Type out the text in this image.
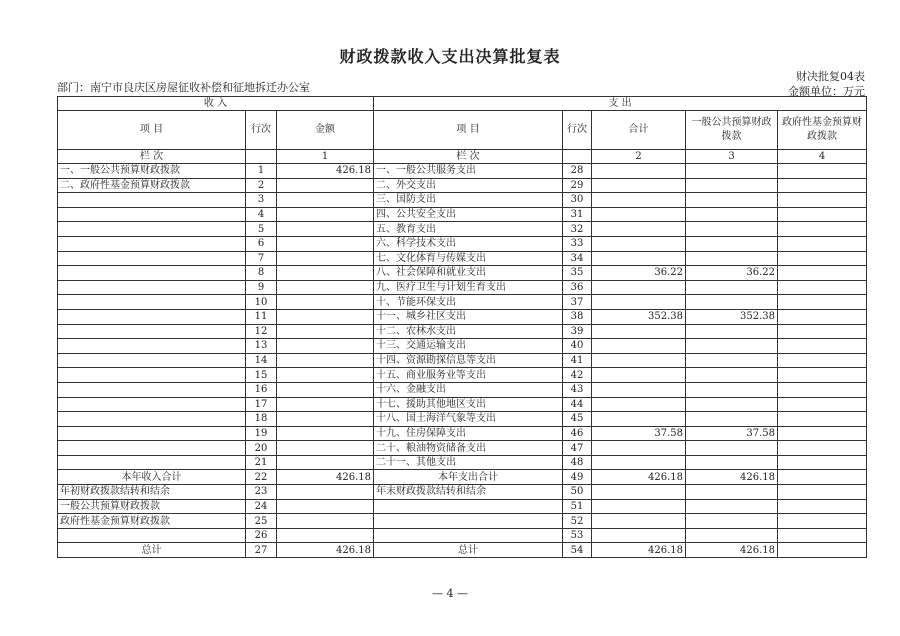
财政拨款收入支出决算批复表
部门：南宁市良庆区房屋征收补偿和征地拆迁办公室
财决批复04表
金额单位：万元
收 入			支 出				
项 目	行次	金额	项 目	行次	合计	一般公共预算财政拨款	政府性基金预算财政拨款
栏 次		1	栏 次		2	3	4
一、一般公共预算财政拨款	1	426.18	一、一般公共服务支出	28			
二、政府性基金预算财政拨款	2		二、外交支出	29			
	3		三、国防支出	30			
	4		四、公共安全支出	31			
	5		五、教育支出	32			
	6		六、科学技术支出	33			
	7		七、文化体育与传媒支出	34			
	8		八、社会保障和就业支出	35	36.22	36.22	
	9		九、医疗卫生与计划生育支出	36			
	10		十、节能环保支出	37			
	11		十一、城乡社区支出	38	352.38	352.38	
	12		十二、农林水支出	39			
	13		十三、交通运输支出	40			
	14		十四、资源勘探信息等支出	41			
	15		十五、商业服务业等支出	42			
	16		十六、金融支出	43			
	17		十七、援助其他地区支出	44			
	18		十八、国土海洋气象等支出	45			
	19		十九、住房保障支出	46	37.58	37.58	
	20		二十、粮油物资储备支出	47			
	21		二十一、其他支出	48			
本年收入合计	22	426.18	本年支出合计	49	426.18	426.18	
年初财政拨款结转和结余	23		年末财政拨款结转和结余	50			
一般公共预算财政拨款	24			51			
政府性基金预算财政拨款	25			52			
	26			53			
总计	27	426.18	总计	54	426.18	426.18	
— 4 —
